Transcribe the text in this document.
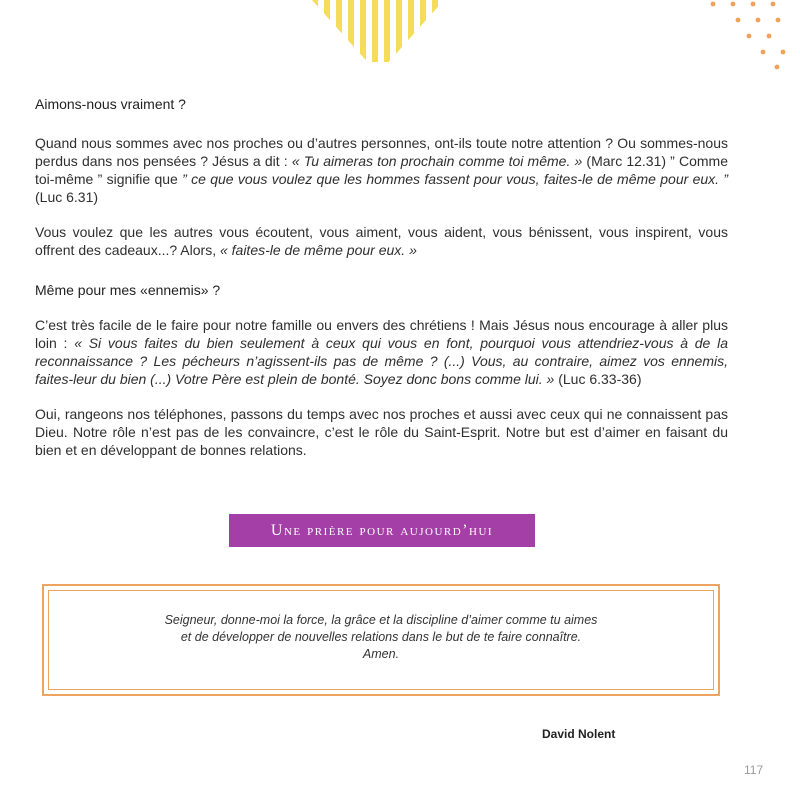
Aimons-nous vraiment ?

Quand nous sommes avec nos proches ou d’autres personnes, ont-ils toute notre attention ? Ou sommes-nous perdus dans nos pensées ? Jésus a dit : « Tu aimeras ton prochain comme toi même. » (Marc 12.31) ” Comme toi-même ” signifie que ” ce que vous voulez que les hommes fassent pour vous, faites-le de même pour eux. ” (Luc 6.31)

Vous voulez que les autres vous écoutent, vous aiment, vous aident, vous bénissent, vous inspirent, vous offrent des cadeaux...? Alors, « faites-le de même pour eux. »

Même pour mes «ennemis» ?

C’est très facile de le faire pour notre famille ou envers des chrétiens ! Mais Jésus nous encourage à aller plus loin : « Si vous faites du bien seulement à ceux qui vous en font, pourquoi vous attendriez-vous à de la reconnaissance ? Les pécheurs n’agissent-ils pas de même ? (...) Vous, au contraire, aimez vos ennemis, faites-leur du bien (...) Votre Père est plein de bonté. Soyez donc bons comme lui. » (Luc 6.33-36)

Oui, rangeons nos téléphones, passons du temps avec nos proches et aussi avec ceux qui ne connaissent pas Dieu. Notre rôle n’est pas de les convaincre, c’est le rôle du Saint-Esprit. Notre but est d’aimer en faisant du bien et en développant de bonnes relations.

Une prière pour aujourd’hui
Seigneur, donne-moi la force, la grâce et la discipline d’aimer comme tu aimes
et de développer de nouvelles relations dans le but de te faire connaître.
Amen.
David Nolent
117
